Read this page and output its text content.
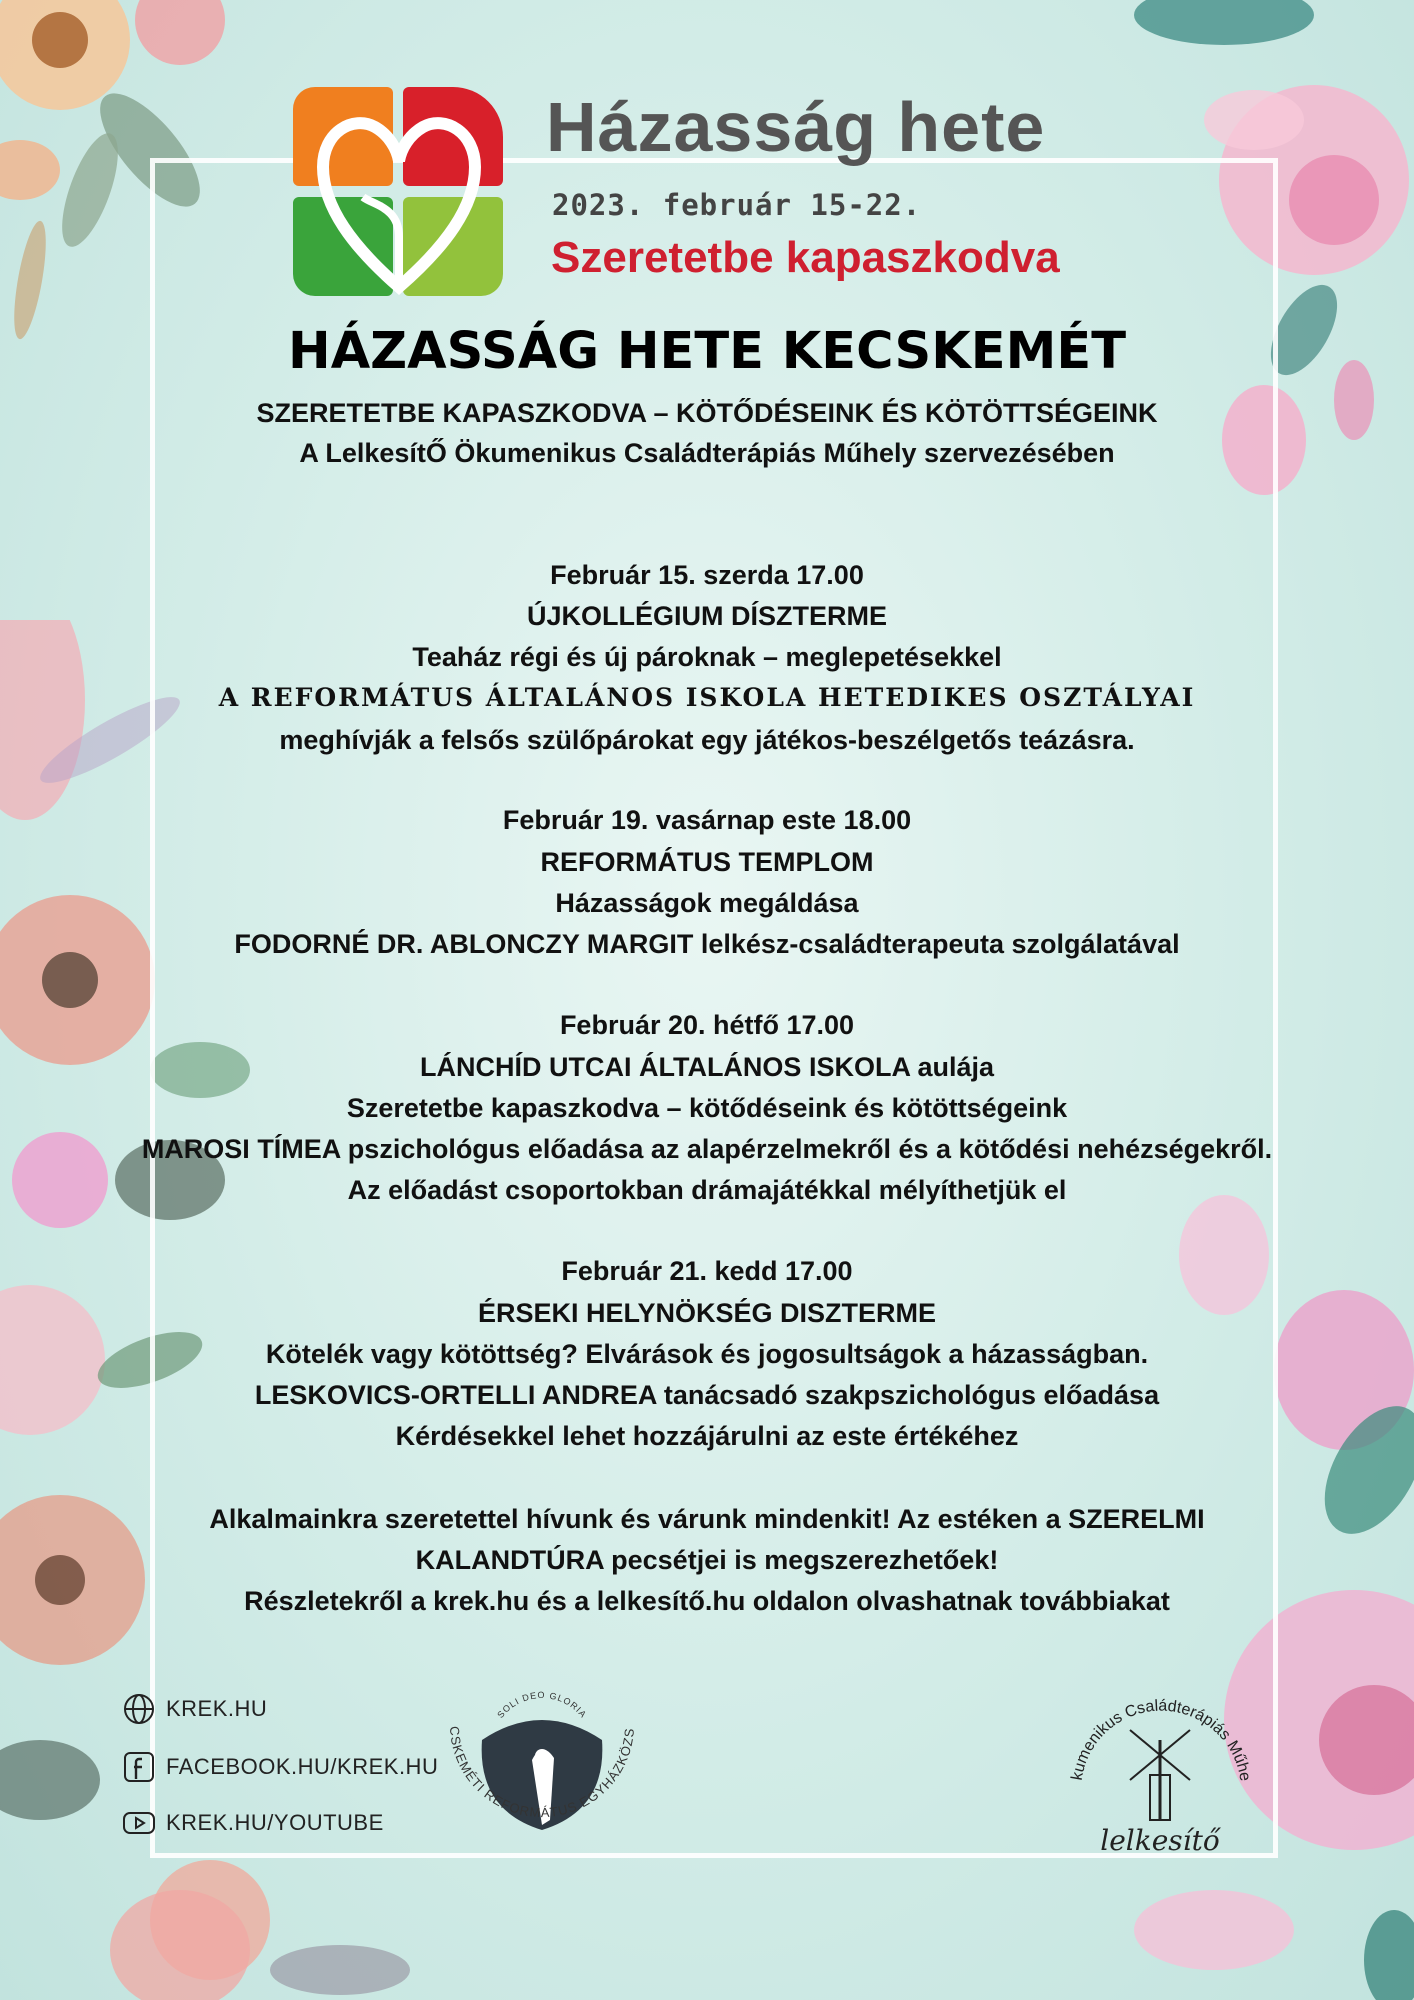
Házasság hete
2023. február 15-22.
Szeretetbe kapaszkodva
HÁZASSÁG HETE KECSKEMÉT
SZERETETBE KAPASZKODVA – KÖTŐDÉSEINK ÉS KÖTÖTTSÉGEINK
A LelkesítŐ Ökumenikus Családterápiás Műhely szervezésében
Február 15. szerda 17.00
ÚJKOLLÉGIUM DÍSZTERME
Teaház régi és új pároknak – meglepetésekkel
A REFORMÁTUS ÁLTALÁNOS ISKOLA HETEDIKES OSZTÁLYAI
meghívják a felsős szülőpárokat egy játékos-beszélgetős teázásra.
Február 19. vasárnap este 18.00
REFORMÁTUS TEMPLOM
Házasságok megáldása
FODORNÉ DR. ABLONCZY MARGIT lelkész-családterapeuta szolgálatával
Február 20. hétfő 17.00
LÁNCHÍD UTCAI ÁLTALÁNOS ISKOLA aulája
Szeretetbe kapaszkodva – kötődéseink és kötöttségeink
MAROSI TÍMEA pszichológus előadása az alapérzelmekről és a kötődési nehézségekről.
Az előadást csoportokban drámajátékkal mélyíthetjük el
Február 21. kedd 17.00
ÉRSEKI HELYNÖKSÉG DISZTERME
Kötelék vagy kötöttség? Elvárások és jogosultságok a házasságban.
LESKOVICS-ORTELLI ANDREA tanácsadó szakpszichológus előadása
Kérdésekkel lehet hozzájárulni az este értékéhez
Alkalmainkra szeretettel hívunk és várunk mindenkit! Az estéken a SZERELMI
KALANDTÚRA pecsétjei is megszerezhetőek!
Részletekről a krek.hu és a lelkesítő.hu oldalon olvashatnak továbbiakat
KREK.HU
FACEBOOK.HU/KREK.HU
KREK.HU/YOUTUBE
SOLI DEO GLORIA
CSKEMÉTI REFORMÁTUS EGYHÁZKÖZS
kumenikus Családterápiás Műhe
lelkesítő
